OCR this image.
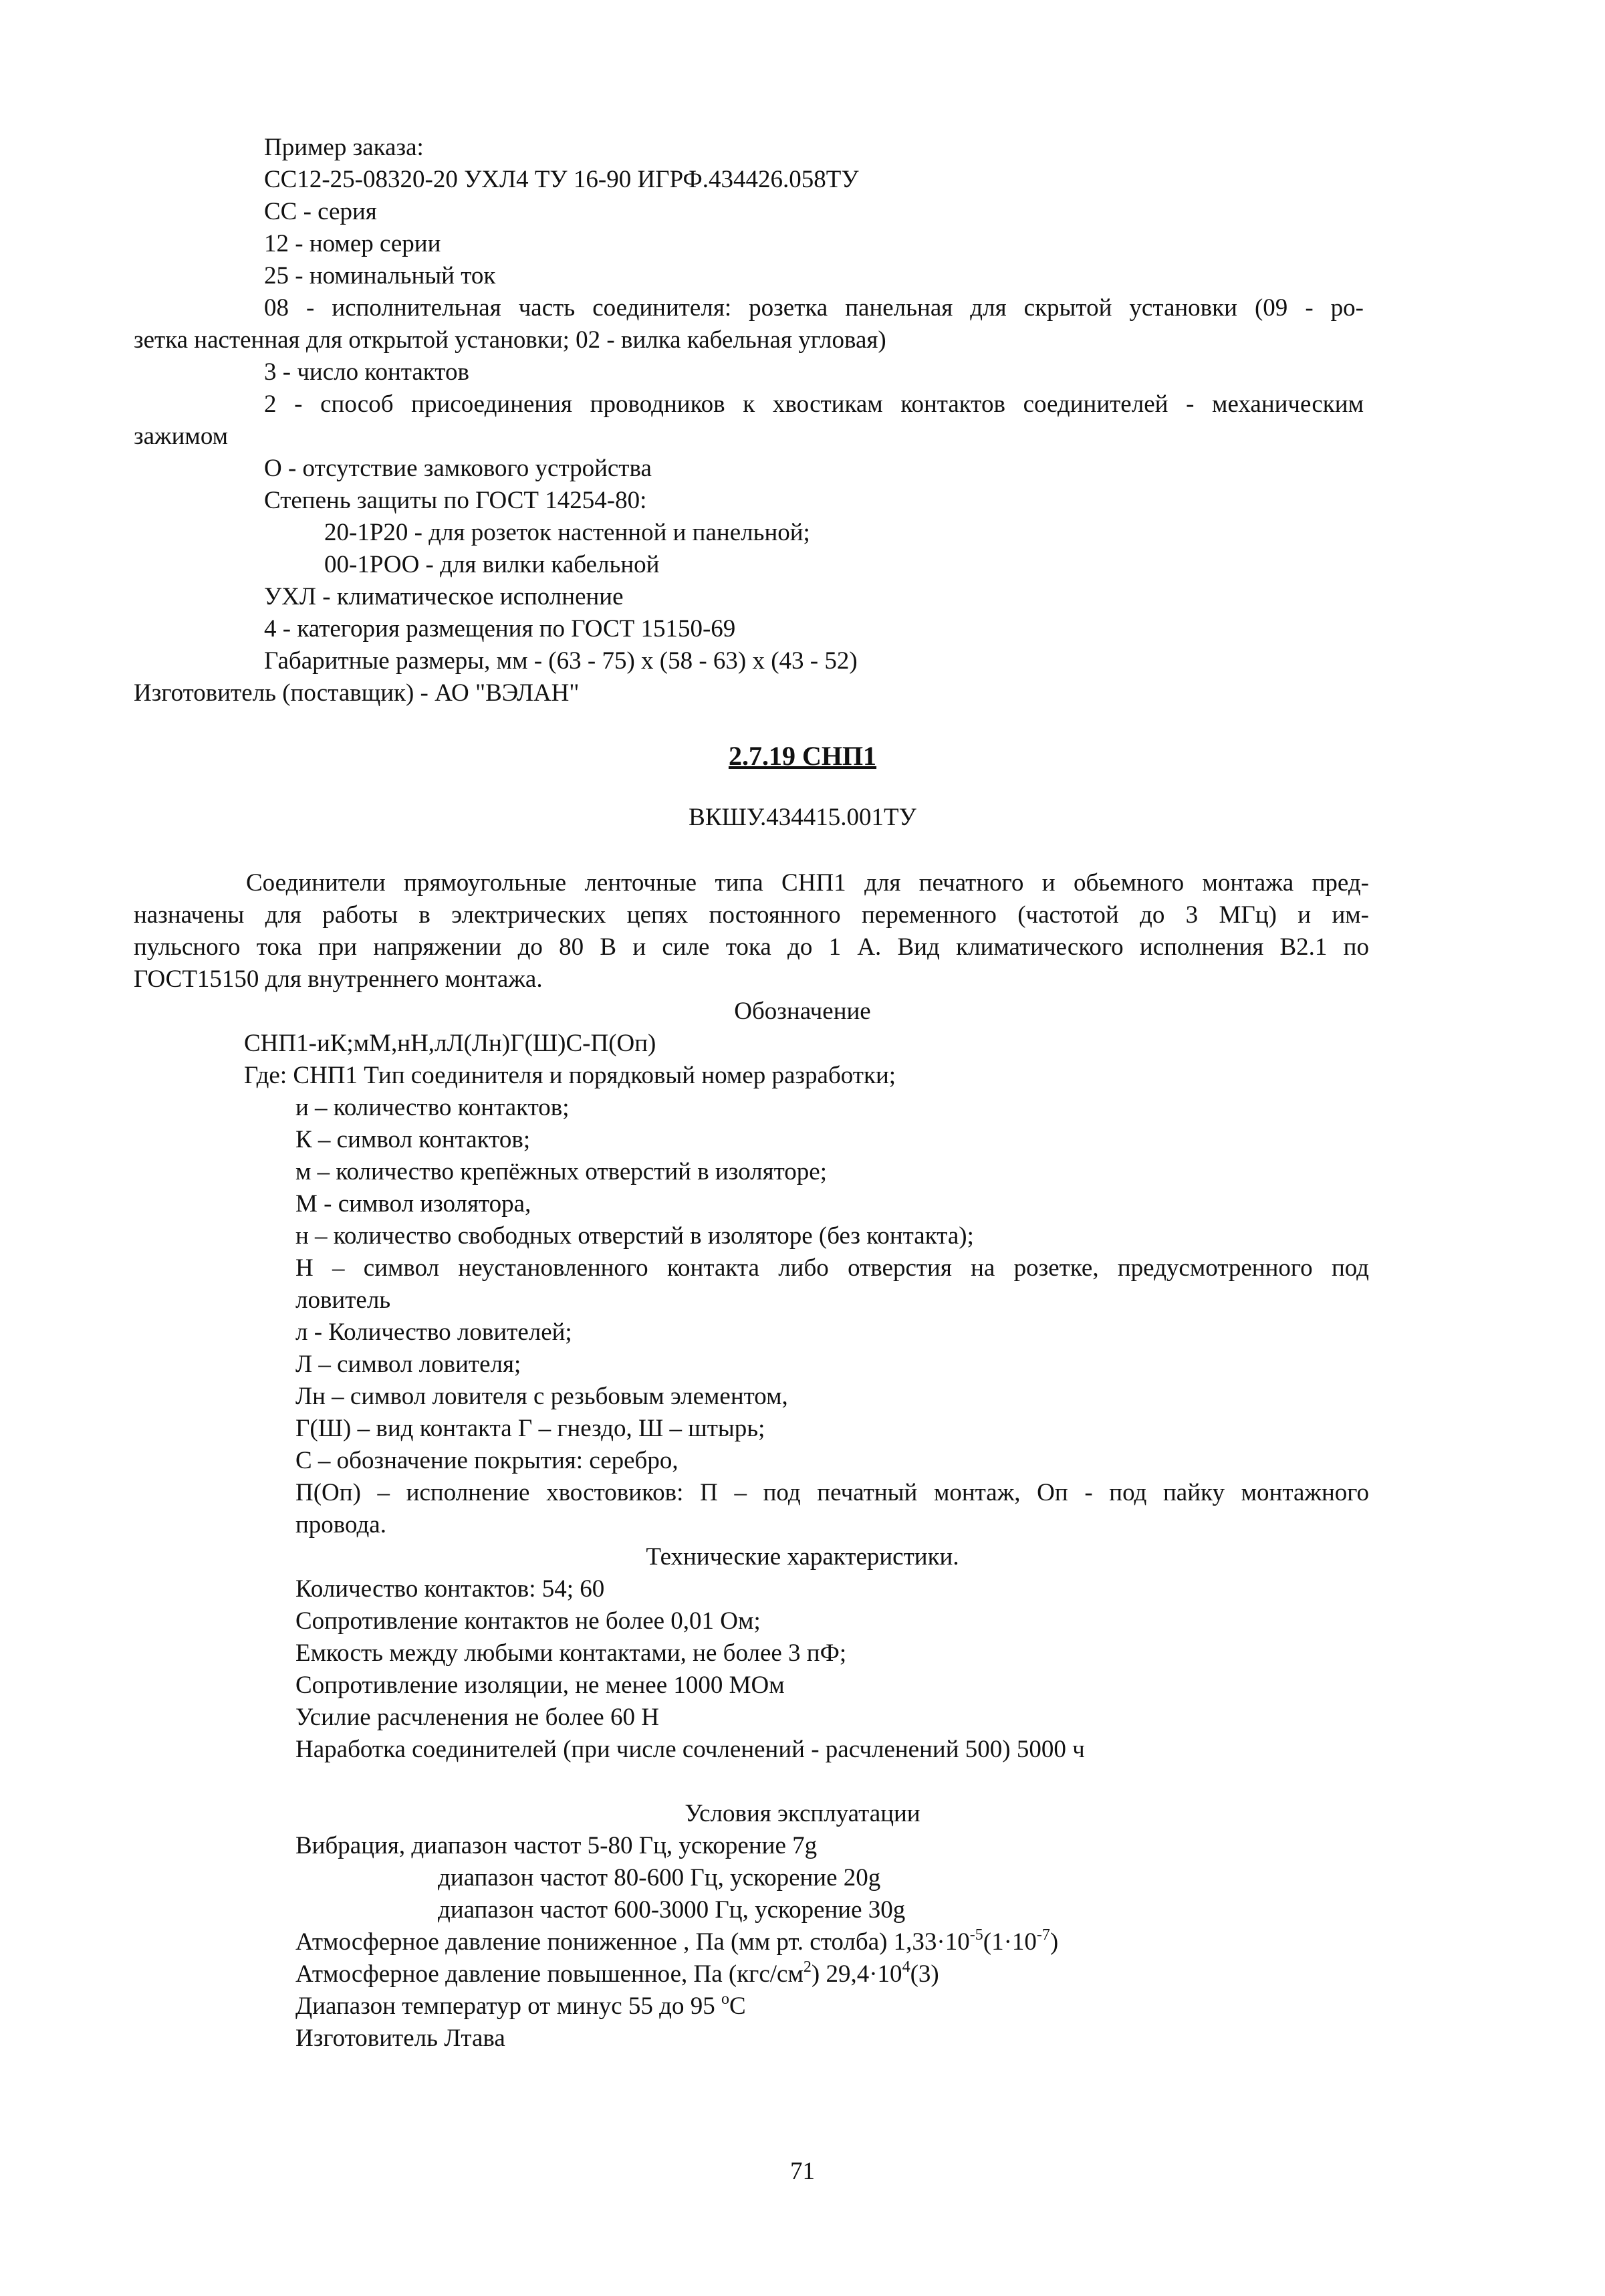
Пример заказа:
СС12-25-08320-20 УХЛ4 ТУ 16-90 ИГРФ.434426.058ТУ
СС - серия
12 - номер серии
25 - номинальный ток
08 - исполнительная часть соединителя: розетка панельная для скрытой установки (09 - ро-
зетка настенная для открытой установки; 02 - вилка кабельная угловая)
3 - число контактов
2 - способ присоединения проводников к хвостикам контактов соединителей - механическим
зажимом
О - отсутствие замкового устройства
Степень защиты по ГОСТ 14254-80:
20-1Р20 - для розеток настенной и панельной;
00-1РОО - для вилки кабельной
УХЛ - климатическое исполнение
4 - категория размещения по ГОСТ 15150-69
Габаритные размеры, мм - (63 - 75) х (58 - 63) х (43 - 52)
Изготовитель (поставщик) - АО "ВЭЛАН"
2.7.19 СНП1
ВКШУ.434415.001ТУ
Соединители прямоугольные ленточные типа СНП1 для печатного и обьемного монтажа пред-
назначены для работы в электрических цепях постоянного переменного (частотой до 3 МГц) и им-
пульсного тока при напряжении до 80 В и силе тока до 1 А. Вид климатического исполнения В2.1 по
ГОСТ15150 для внутреннего монтажа.
Обозначение
СНП1-иК;мМ,нН,лЛ(Лн)Г(Ш)С-П(Оп)
Где: СНП1 Тип соединителя и порядковый номер разработки;
и – количество контактов;
К – символ контактов;
м – количество крепёжных отверстий в изоляторе;
М - символ изолятора,
н – количество свободных отверстий в изоляторе (без контакта);
Н – символ неустановленного контакта либо отверстия на розетке, предусмотренного под
ловитель
л - Количество ловителей;
Л – символ ловителя;
Лн – символ ловителя с резьбовым элементом,
Г(Ш) – вид контакта Г – гнездо, Ш – штырь;
С – обозначение покрытия: серебро,
П(Оп) – исполнение хвостовиков: П – под печатный монтаж, Оп - под пайку монтажного
провода.
Технические характеристики.
Количество контактов: 54; 60
Сопротивление контактов не более 0,01 Ом;
Емкость между любыми контактами, не более 3 пФ;
Сопротивление изоляции, не менее 1000 МОм
Усилие расчленения не более 60 Н
Наработка соединителей (при числе сочленений - расчленений 500) 5000 ч
Условия эксплуатации
Вибрация, диапазон частот 5-80 Гц, ускорение 7g
диапазон частот 80-600 Гц, ускорение 20g
диапазон частот 600-3000 Гц, ускорение 30g
Атмосферное давление пониженное , Па (мм рт. столба) $1,33\cdot 10^{-5}(1\cdot 10^{-7})$
Атмосферное давление повышенное, Па $(кгс/см^2)$ $29,4\cdot 10^4(3)$
Диапазон температур от минус 55 до 95 $^o$С
Изготовитель Лтава
71
